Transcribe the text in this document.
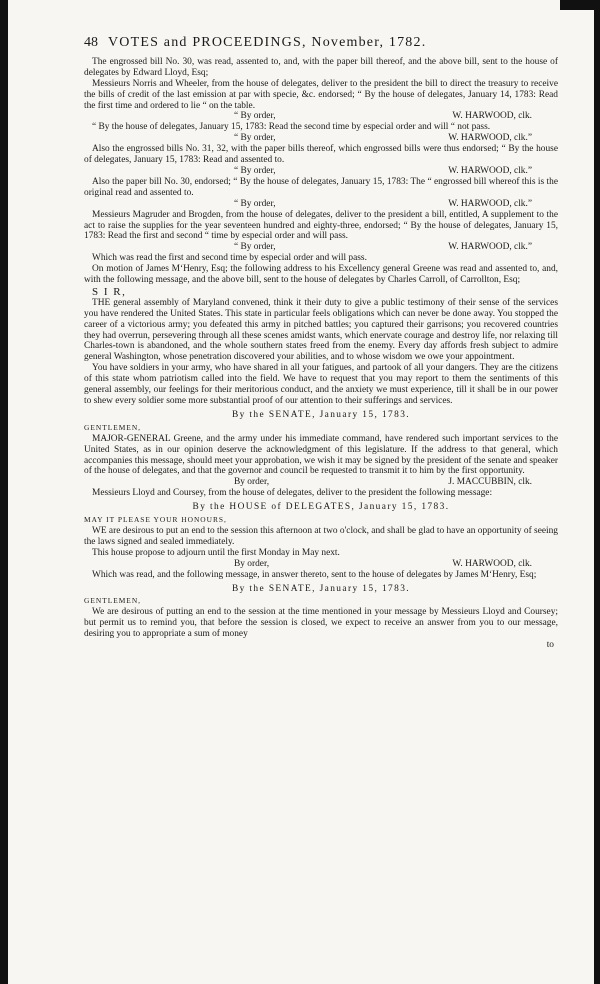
48 VOTES and PROCEEDINGS, November, 1782.

The engrossed bill No. 30, was read, assented to, and, with the paper bill thereof, and the above bill, sent to the house of delegates by Edward Lloyd, Esq;

Messieurs Norris and Wheeler, from the house of delegates, deliver to the president the bill to direct the treasury to receive the bills of credit of the last emission at par with specie, &c. endorsed; “ By the house of delegates, January 14, 1783: Read the first time and ordered to lie “ on the table.

“ By order,	W. HARWOOD, clk.

“ By the house of delegates, January 15, 1783: Read the second time by especial order and will “ not pass.

“ By order,	W. HARWOOD, clk.”

Also the engrossed bills No. 31, 32, with the paper bills thereof, which engrossed bills were thus endorsed; “ By the house of delegates, January 15, 1783: Read and assented to.

“ By order,	W. HARWOOD, clk.”

Also the paper bill No. 30, endorsed; “ By the house of delegates, January 15, 1783: The “ engrossed bill whereof this is the original read and assented to.

“ By order,	W. HARWOOD, clk.”

Messieurs Magruder and Brogden, from the house of delegates, deliver to the president a bill, entitled, A supplement to the act to raise the supplies for the year seventeen hundred and eighty-three, endorsed; “ By the house of delegates, January 15, 1783: Read the first and second “ time by especial order and will pass.

“ By order,	W. HARWOOD, clk.”

Which was read the first and second time by especial order and will pass.

On motion of James M‘Henry, Esq; the following address to his Excellency general Greene was read and assented to, and, with the following message, and the above bill, sent to the house of delegates by Charles Carroll, of Carrollton, Esq;

S I R,

THE general assembly of Maryland convened, think it their duty to give a public testimony of their sense of the services you have rendered the United States. This state in particular feels obligations which can never be done away. You stopped the career of a victorious army; you defeated this army in pitched battles; you captured their garrisons; you recovered countries they had overrun, persevering through all these scenes amidst wants, which enervate courage and destroy life, nor relaxing till Charles-town is abandoned, and the whole southern states freed from the enemy. Every day affords fresh subject to admire general Washington, whose penetration discovered your abilities, and to whose wisdom we owe your appointment.

You have soldiers in your army, who have shared in all your fatigues, and partook of all your dangers. They are the citizens of this state whom patriotism called into the field. We have to request that you may report to them the sentiments of this general assembly, our feelings for their meritorious conduct, and the anxiety we must experience, till it shall be in our power to shew every soldier some more substantial proof of our attention to their sufferings and services.

By the SENATE, January 15, 1783.

GENTLEMEN,

MAJOR-GENERAL Greene, and the army under his immediate command, have rendered such important services to the United States, as in our opinion deserve the acknowledgment of this legislature. If the address to that general, which accompanies this message, should meet your approbation, we wish it may be signed by the president of the senate and speaker of the house of delegates, and that the governor and council be requested to transmit it to him by the first opportunity.

By order,	J. MACCUBBIN, clk.

Messieurs Lloyd and Coursey, from the house of delegates, deliver to the president the following message:

By the HOUSE of DELEGATES, January 15, 1783.

MAY IT PLEASE YOUR HONOURS,

WE are desirous to put an end to the session this afternoon at two o'clock, and shall be glad to have an opportunity of seeing the laws signed and sealed immediately.

This house propose to adjourn until the first Monday in May next.

By order,	W. HARWOOD, clk.

Which was read, and the following message, in answer thereto, sent to the house of delegates by James M‘Henry, Esq;

By the SENATE, January 15, 1783.

GENTLEMEN,

We are desirous of putting an end to the session at the time mentioned in your message by Messieurs Lloyd and Coursey; but permit us to remind you, that before the session is closed, we expect to receive an answer from you to our message, desiring you to appropriate a sum of money

to
